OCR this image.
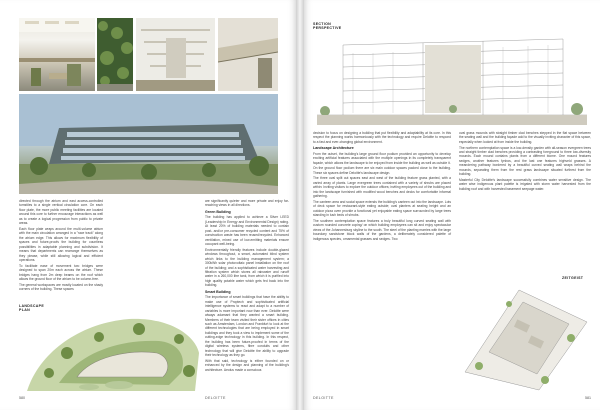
directed through the atrium and east access-controlled turnstiles to a single vertical circulation core. On each floor plate, the more public meeting facilities are located around this core to further encourage interactions as well as to create a logical progression from public to private areas.

Each floor plate wraps around the multi-volume atrium with the main circulation arranged in a "race track" along the atrium edge. This allows for maximum flexibility of spaces and future-proofs the building for countless possibilities in adaptable planning and subdivision. It means that departments can rearrange themselves as they please, while still allowing logical and efficient operations.

To facilitate ease of movement two bridges were designed to span 20m each across the atrium. These bridges hang from 2m deep beams on the roof which allows the ground floor of the atrium to be column-free.

The general workspaces are mostly located on the shady corners of the building. These spaces

LANDSCAPE
PLAN

are significantly quieter and more private and enjoy far-reaching views in all directions.

Green Building

The building has applied to achieve a Silver LEED (Leadership in Energy and Environmental Design) rating. At least 20% of building materials needed to contain post- and/or pre-consumer recycled content and 75% of construction waste has been reused/recycled. Enhanced ventilation, mixed use of low-emitting materials ensure occupant well-being.

Environmentally friendly features include double-glazed windows throughout, a smart, automated blind system which links to the building management system; a 300kWh solar photovoltaic panel installation on the roof of the building; and a sophisticated water harvesting and filtration system which stores all rainwater and runoff water in a 260,000 litre tank, from which it is purified into high quality potable water which gets fed back into the building.

Smart Building

The importance of smart buildings that have the ability to make use of Proptech and sophisticated artificial intelligence systems to react and adapt to a number of variables is more important now than ever. Deloitte were always adamant that they wanted a smart building. Members of their team visited their sister offices in cities such as Amsterdam, London and Frankfurt to look at the different technologies that are being employed in smart buildings and they took a view to implement some of the cutting-edge technology in this building. In this respect, the building has been future-proofed in terms of the digital wireless systems, fibre conduits and other technology that will give Deloitte the ability to upgrade their technology as they go.

With that said, technology is either founded on or enhanced by the design and planning of the building's architecture. Aeolus made a conscious

580	DELOITTE
SECTION
PERSPECTIVE

decision to focus on designing a building that put flexibility and adaptability at its core. In this respect the planning works harmoniously with the technology and require Deloitte to respond to a fast and ever-changing global environment.

Landscape Architecture

From the outset, the building's large ground floor podium provided an opportunity to develop exciting artificial features associated with the multiple openings in its completely transparent façade, which allows the landscape to be enjoyed from inside the building as well as outside it.

On the ground floor podium there are six main outdoor spaces packed close to the building. These six spaces define Deloitte's landscape design.

The three oval split out spaces east and west of the building feature grass planted, with a varied array of plants. Large evergreen trees contained with a variety of shrubs are placed within: Inviting visitors to explore the outdoor offices; inviting employees out of the building and into the landscape furnished with modified wood benches and decks for comfortable informal gathering.

The canteen area and social space extends the building's canteen out into the landscape. Lots of deck space for restaurant-style eating outside; oval planters at seating height and an outdoor pizza oven provide a functional yet enjoyable eating space surrounded by large trees standing in lush beds of shrubs.

The southern contemplation space features a truly beautiful long curved seating wall with custom rounded concrete coping/ on which building employees can sit and enjoy spectacular views of the Johannesburg skyline to the south. The steel of the planting marries with the large boundary sandstone block walls of the gardens, a deliberately considered palette of indigenous species, ornamental grasses and sedges. Two

oval grass mounds with straight timber clad benches stepped in the flat space between the seating wall and the building façade add to the visually inviting character of this space, especially when looked at from inside the building.

The northern contemplation space is a low-density garden with all-season evergreen trees and straight timber clad benches providing a contrasting foreground to three low-diversity mounds. Each mound contains plants from a different biome. One mound features sedges, another features fynbos, and the last one features highveld grasses. A meandering pathway bordered by a beautiful curved seating wall wraps behind the mounds, separating them from the rest grass landscape situated furthest from the building.

Masterful City Deloitte's landscape successfully combines water sensitive design. The water wise indigenous plant palette is irrigated with storm water harvested from the building roof and with harvested basement seepage water.

ZEITGEIST
DELOITTE	581
